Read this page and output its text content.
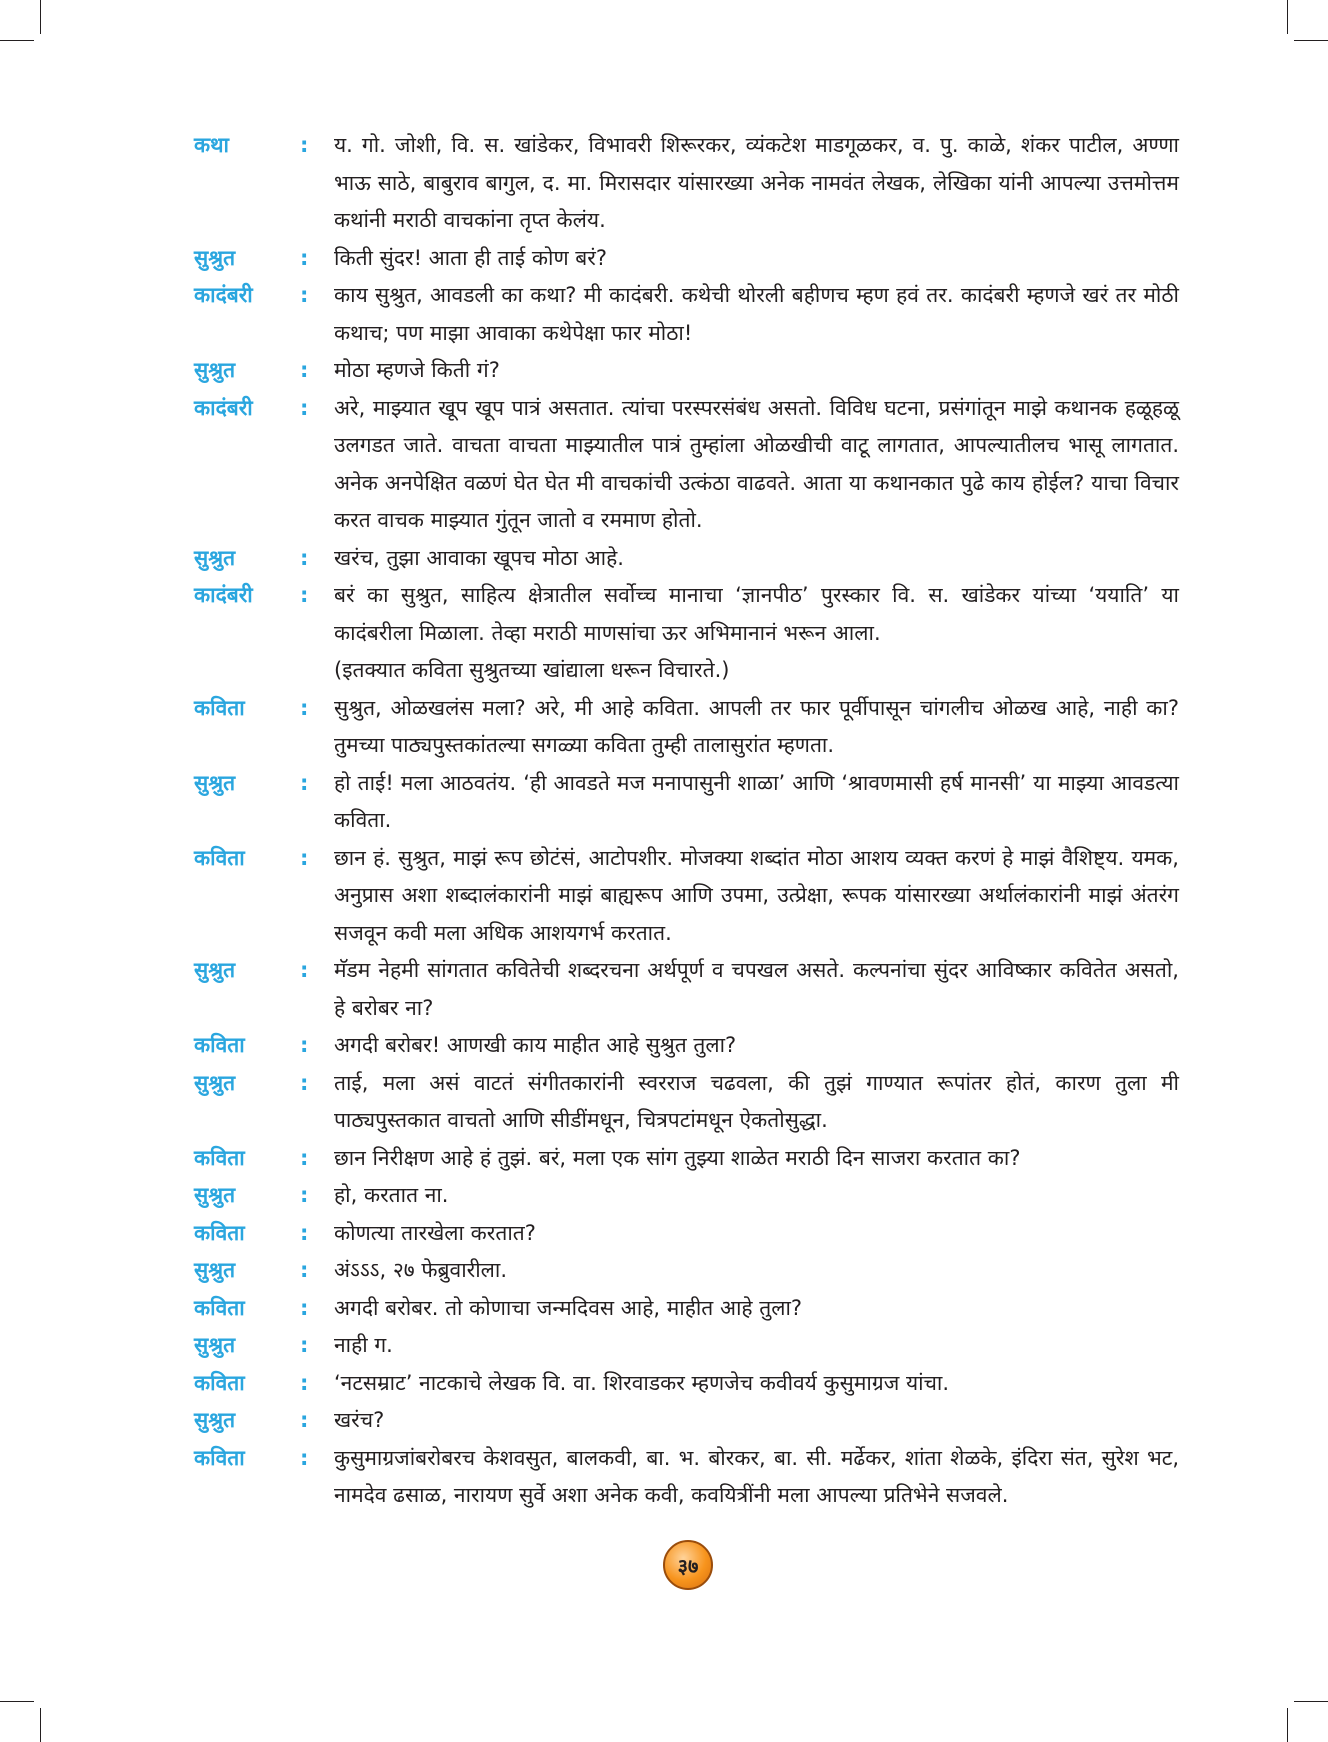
कथा	:	य. गो. जोशी, वि. स. खांडेकर, विभावरी शिरूरकर, व्यंकटेश माडगूळकर, व. पु. काळे, शंकर पाटील, अण्णा भाऊ साठे, बाबुराव बागुल, द. मा. मिरासदार यांसारख्या अनेक नामवंत लेखक, लेखिका यांनी आपल्या उत्तमोत्तम कथांनी मराठी वाचकांना तृप्त केलंय.
सुश्रुत	:	किती सुंदर! आता ही ताई कोण बरं?
कादंबरी	:	काय सुश्रुत, आवडली का कथा? मी कादंबरी. कथेची थोरली बहीणच म्हण हवं तर. कादंबरी म्हणजे खरं तर मोठी कथाच; पण माझा आवाका कथेपेक्षा फार मोठा!
सुश्रुत	:	मोठा म्हणजे किती गं?
कादंबरी	:	अरे, माझ्यात खूप खूप पात्रं असतात. त्यांचा परस्परसंबंध असतो. विविध घटना, प्रसंगांतून माझे कथानक हळूहळू उलगडत जाते. वाचता वाचता माझ्यातील पात्रं तुम्हांला ओळखीची वाटू लागतात, आपल्यातीलच भासू लागतात. अनेक अनपेक्षित वळणं घेत घेत मी वाचकांची उत्कंठा वाढवते. आता या कथानकात पुढे काय होईल? याचा विचार करत वाचक माझ्यात गुंतून जातो व रममाण होतो.
सुश्रुत	:	खरंच, तुझा आवाका खूपच मोठा आहे.
कादंबरी	:	बरं का सुश्रुत, साहित्य क्षेत्रातील सर्वोच्च मानाचा ‘ज्ञानपीठ’ पुरस्कार वि. स. खांडेकर यांच्या ‘ययाति’ या कादंबरीला मिळाला. तेव्हा मराठी माणसांचा ऊर अभिमानानं भरून आला.
(इतक्यात कविता सुश्रुतच्या खांद्याला धरून विचारते.)
कविता	:	सुश्रुत, ओळखलंस मला? अरे, मी आहे कविता. आपली तर फार पूर्वीपासून चांगलीच ओळख आहे, नाही का? तुमच्या पाठ्यपुस्तकांतल्या सगळ्या कविता तुम्ही तालासुरांत म्हणता.
सुश्रुत	:	हो ताई! मला आठवतंय. ‘ही आवडते मज मनापासुनी शाळा’ आणि ‘श्रावणमासी हर्ष मानसी’ या माझ्या आवडत्या कविता.
कविता	:	छान हं. सुश्रुत, माझं रूप छोटंसं, आटोपशीर. मोजक्या शब्दांत मोठा आशय व्यक्त करणं हे माझं वैशिष्ट्य. यमक, अनुप्रास अशा शब्दालंकारांनी माझं बाह्यरूप आणि उपमा, उत्प्रेक्षा, रूपक यांसारख्या अर्थालंकारांनी माझं अंतरंग सजवून कवी मला अधिक आशयगर्भ करतात.
सुश्रुत	:	मॅडम नेहमी सांगतात कवितेची शब्दरचना अर्थपूर्ण व चपखल असते. कल्पनांचा सुंदर आविष्कार कवितेत असतो, हे बरोबर ना?
कविता	:	अगदी बरोबर! आणखी काय माहीत आहे सुश्रुत तुला?
सुश्रुत	:	ताई, मला असं वाटतं संगीतकारांनी स्वरराज चढवला, की तुझं गाण्यात रूपांतर होतं, कारण तुला मी पाठ्यपुस्तकात वाचतो आणि सीडींमधून, चित्रपटांमधून ऐकतोसुद्धा.
कविता	:	छान निरीक्षण आहे हं तुझं. बरं, मला एक सांग तुझ्या शाळेत मराठी दिन साजरा करतात का?
सुश्रुत	:	हो, करतात ना.
कविता	:	कोणत्या तारखेला करतात?
सुश्रुत	:	अंऽऽऽ, २७ फेब्रुवारीला.
कविता	:	अगदी बरोबर. तो कोणाचा जन्मदिवस आहे, माहीत आहे तुला?
सुश्रुत	:	नाही ग.
कविता	:	‘नटसम्राट’ नाटकाचे लेखक वि. वा. शिरवाडकर म्हणजेच कवीवर्य कुसुमाग्रज यांचा.
सुश्रुत	:	खरंच?
कविता	:	कुसुमाग्रजांबरोबरच केशवसुत, बालकवी, बा. भ. बोरकर, बा. सी. मर्ढेकर, शांता शेळके, इंदिरा संत, सुरेश भट, नामदेव ढसाळ, नारायण सुर्वे अशा अनेक कवी, कवयित्रींनी मला आपल्या प्रतिभेने सजवले.
३७
